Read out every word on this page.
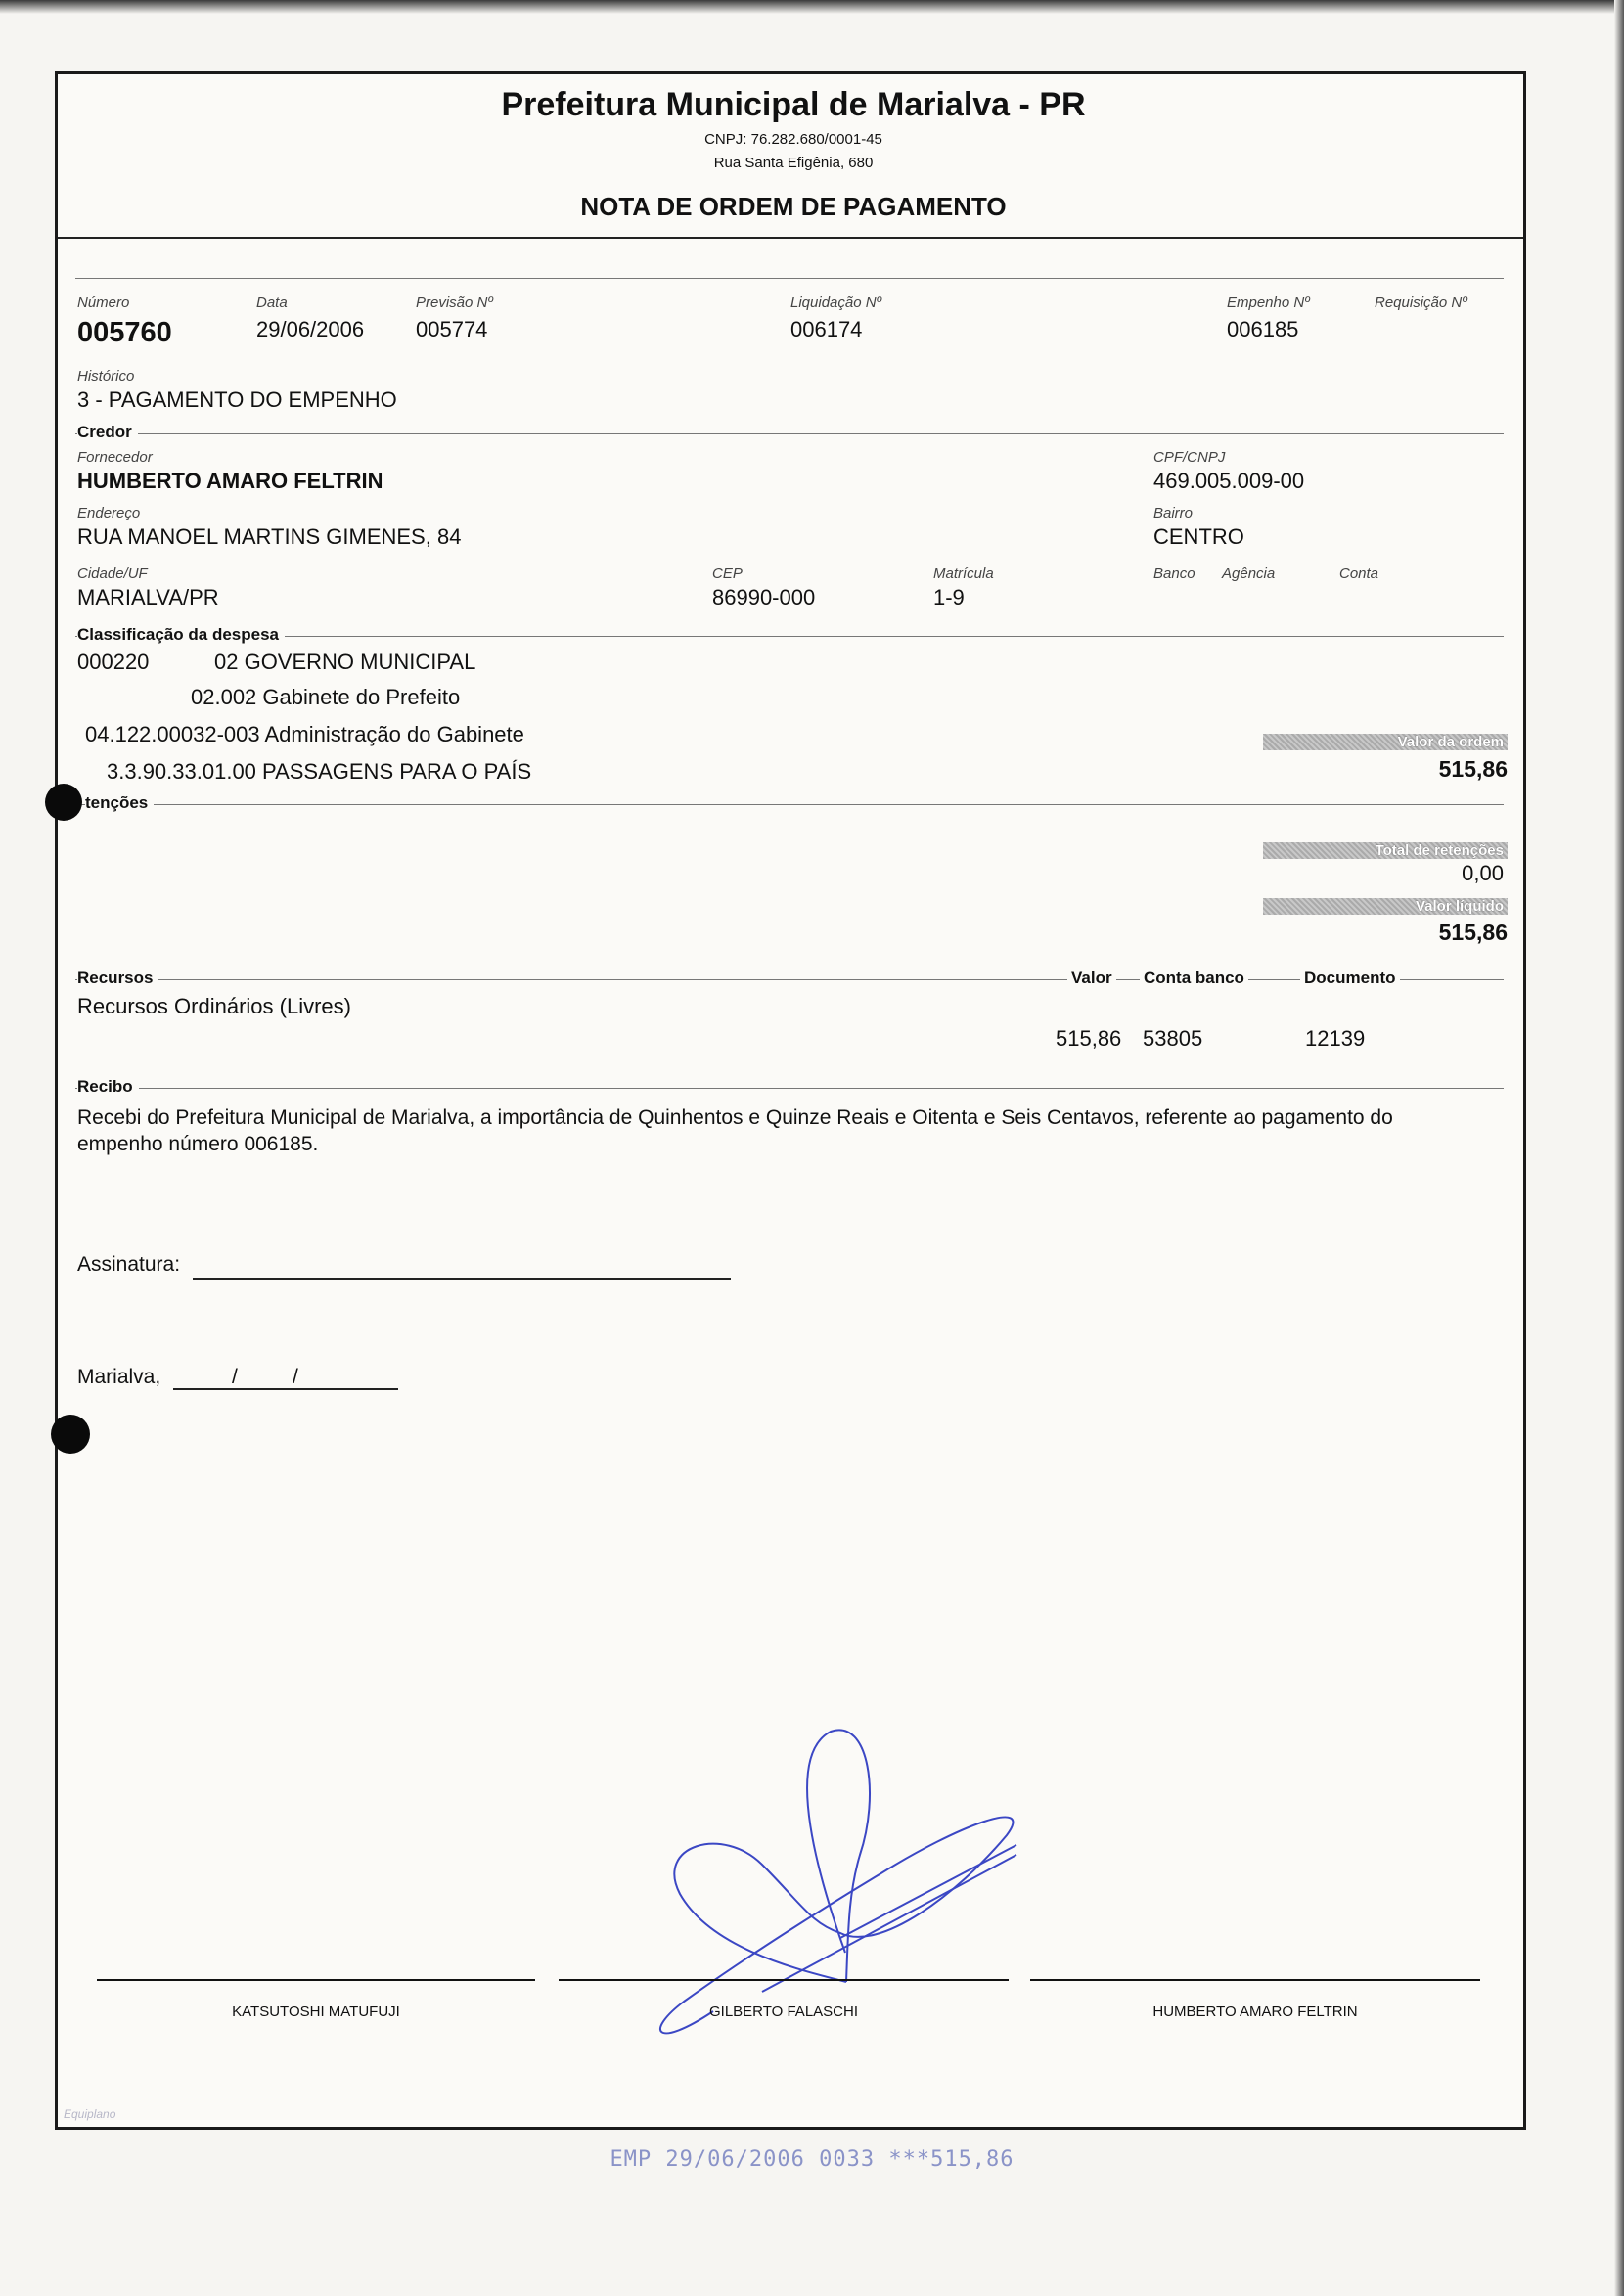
Prefeitura Municipal de Marialva - PR
CNPJ: 76.282.680/0001-45
Rua Santa Efigênia, 680
NOTA DE ORDEM DE PAGAMENTO
Número
005760
Data
29/06/2006
Previsão Nº
005774
Liquidação Nº
006174
Empenho Nº
006185
Requisição Nº
Histórico
3 - PAGAMENTO DO EMPENHO
Credor
Fornecedor
HUMBERTO AMARO FELTRIN
CPF/CNPJ
469.005.009-00
Endereço
RUA MANOEL MARTINS GIMENES, 84
Bairro
CENTRO
Cidade/UF
MARIALVA/PR
CEP
86990-000
Matrícula
1-9
Banco Agência	Conta
Classificação da despesa
000220	02 GOVERNO MUNICIPAL
02.002 Gabinete do Prefeito
04.122.00032-003 Administração do Gabinete
3.3.90.33.01.00 PASSAGENS PARA O PAÍS
Valor da ordem
515,86
tenções
Total de retenções
0,00
Valor líquido
515,86
Recursos	Valor Conta banco	Documento
Recursos Ordinários (Livres)
515,86 53805	12139
Recibo
Recebi do Prefeitura Municipal de Marialva, a importância de Quinhentos e Quinze Reais e Oitenta e Seis Centavos, referente ao pagamento do
empenho número 006185.
Assinatura:
Marialva,	/	/
KATSUTOSHI MATUFUJI	GILBERTO FALASCHI	HUMBERTO AMARO FELTRIN
Equiplano
EMP 29/06/2006 0033 ***515,86
